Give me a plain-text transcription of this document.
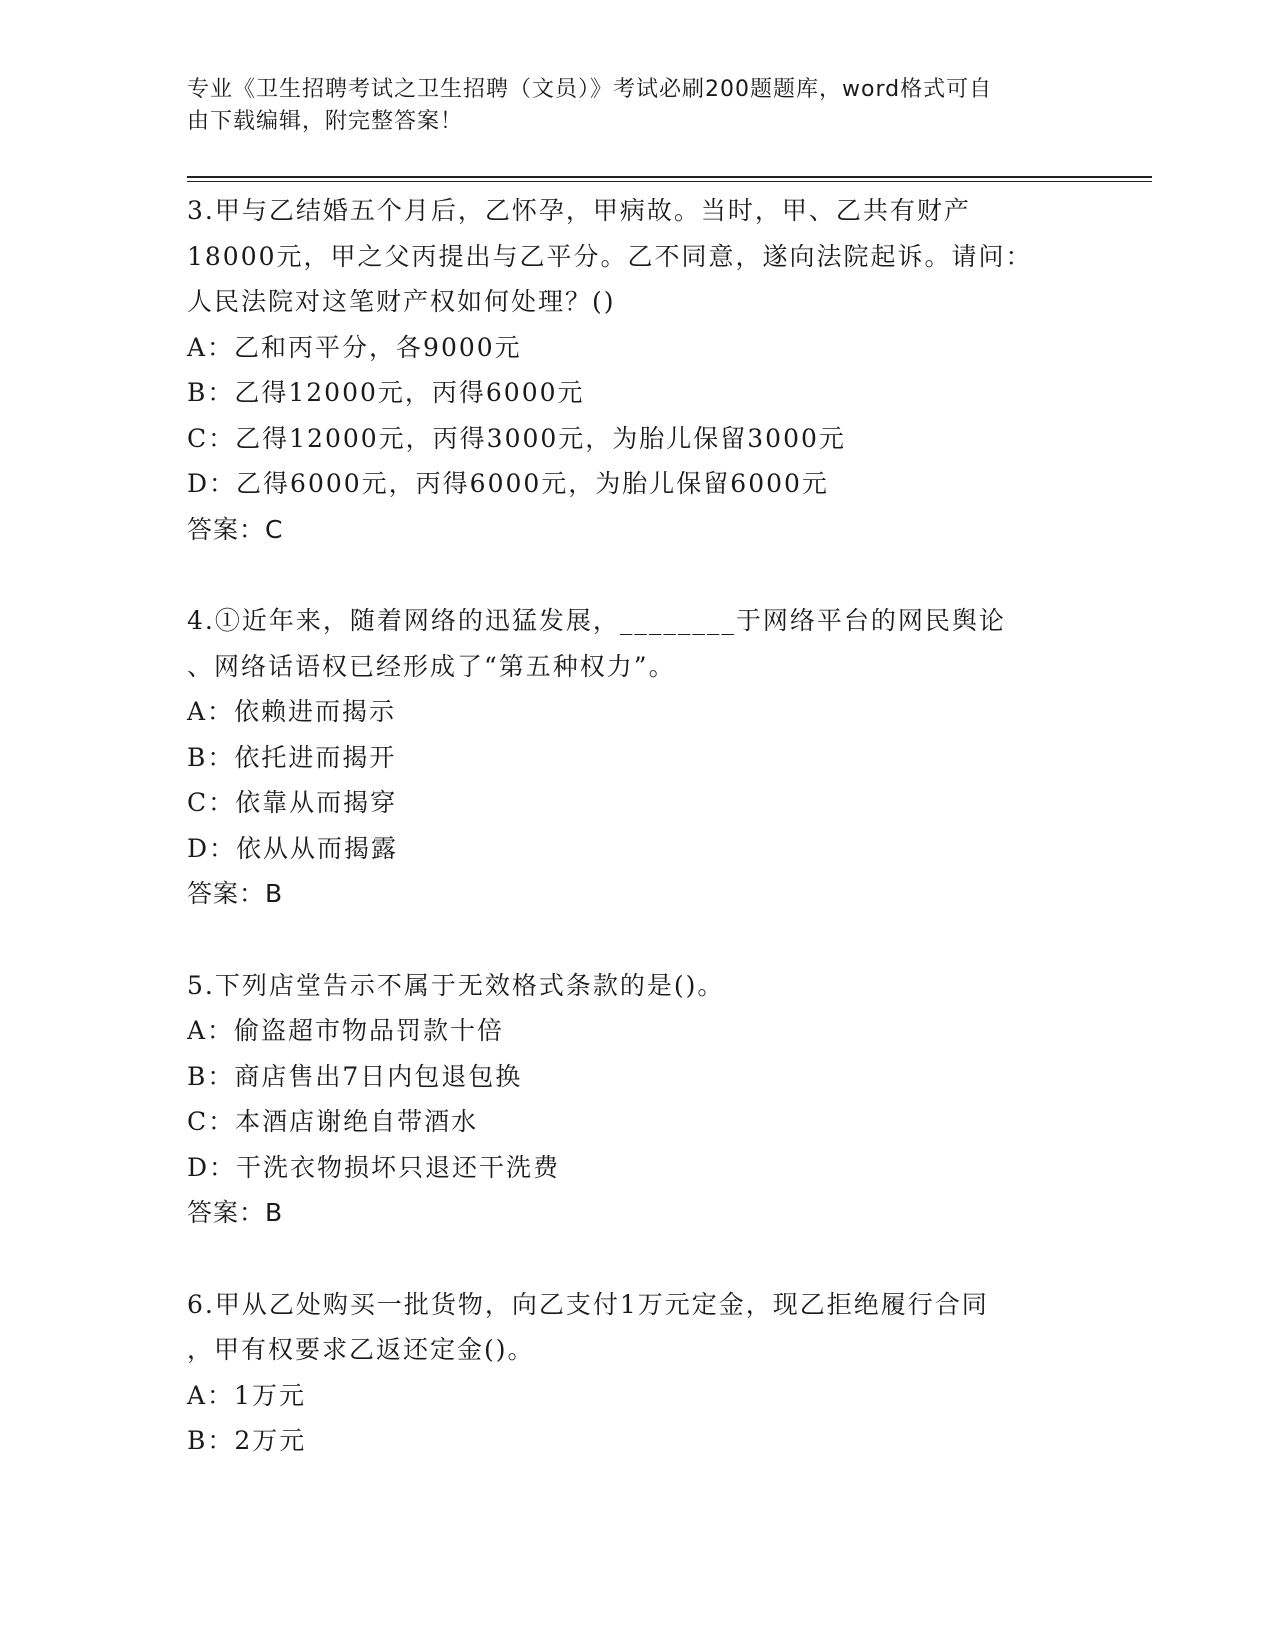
专业《卫生招聘考试之卫生招聘（文员）》考试必刷200题题库，word格式可自
由下载编辑，附完整答案！
3.甲与乙结婚五个月后，乙怀孕，甲病故。当时，甲、乙共有财产
18000元，甲之父丙提出与乙平分。乙不同意，遂向法院起诉。请问：
人民法院对这笔财产权如何处理？()
A：乙和丙平分，各9000元
B：乙得12000元，丙得6000元
C：乙得12000元，丙得3000元，为胎儿保留3000元
D：乙得6000元，丙得6000元，为胎儿保留6000元
答案：C
4.①近年来，随着网络的迅猛发展，________于网络平台的网民舆论
、网络话语权已经形成了“第五种权力”。
A：依赖进而揭示
B：依托进而揭开
C：依靠从而揭穿
D：依从从而揭露
答案：B
5.下列店堂告示不属于无效格式条款的是()。
A：偷盗超市物品罚款十倍
B：商店售出7日内包退包换
C：本酒店谢绝自带酒水
D：干洗衣物损坏只退还干洗费
答案：B
6.甲从乙处购买一批货物，向乙支付1万元定金，现乙拒绝履行合同
，甲有权要求乙返还定金()。
A：1万元
B：2万元
